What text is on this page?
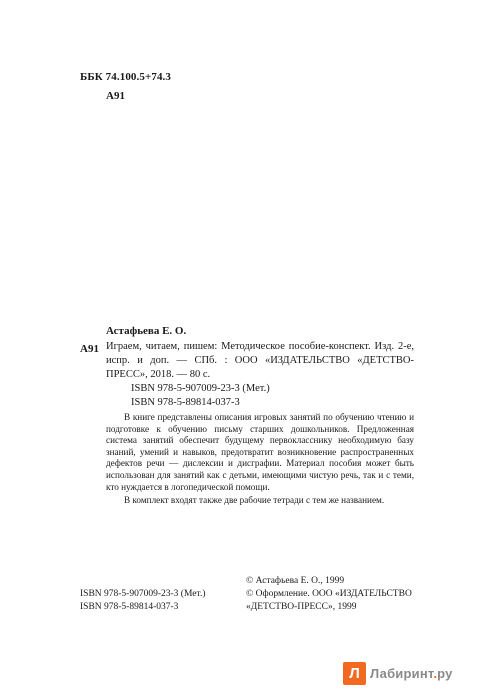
ББК 74.100.5+74.3
А91
Астафьева Е. О.
А91 Играем, читаем, пишем: Методическое пособие-конспект. Изд. 2-е, испр. и доп. — СПб. : ООО «ИЗДАТЕЛЬСТВО «ДЕТСТВО-ПРЕСС», 2018. — 80 с.
ISBN 978-5-907009-23-3 (Мет.)
ISBN 978-5-89814-037-3

В книге представлены описания игровых занятий по обучению чтению и подготовке к обучению письму старших дошкольников. Предложенная система занятий обеспечит будущему первокласснику необходимую базу знаний, умений и навыков, предотвратит возникновение распространенных дефектов речи — дислексии и дисграфии. Материал пособия может быть использован для занятий как с детьми, имеющими чистую речь, так и с теми, кто нуждается в логопедической помощи.

В комплект входят также две рабочие тетради с тем же названием.

ISBN 978-5-907009-23-3 (Мет.)
ISBN 978-5-89814-037-3
© Астафьева Е. О., 1999
© Оформление. ООО «ИЗДАТЕЛЬСТВО
«ДЕТСТВО-ПРЕСС», 1999
Л Лабиринт.ру
